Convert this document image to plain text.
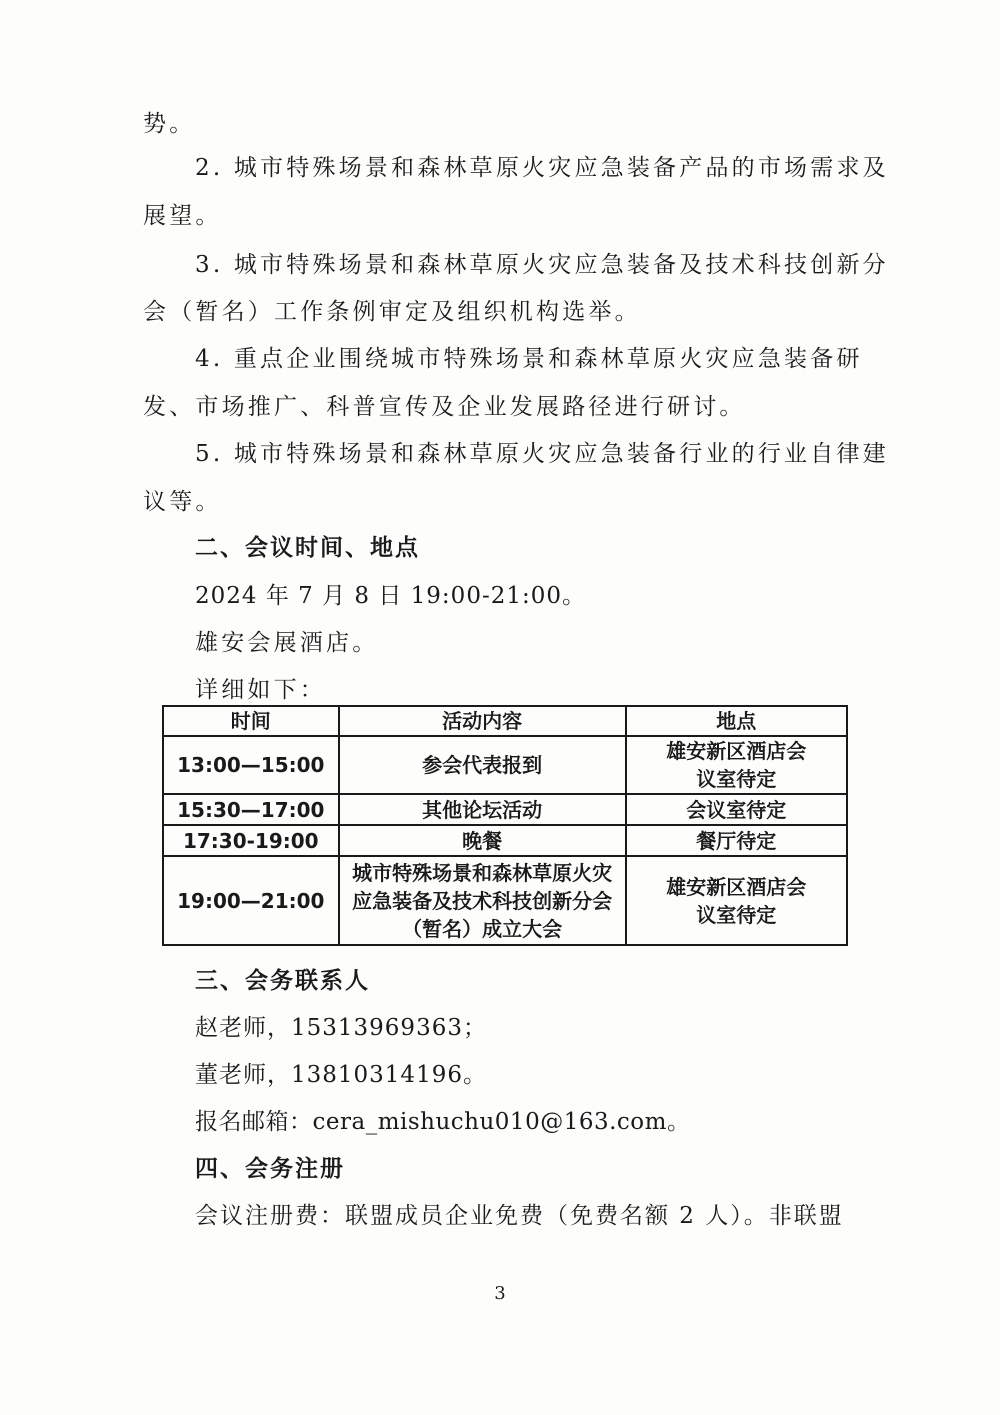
势。
2. 城市特殊场景和森林草原火灾应急装备产品的市场需求及
展望。
3. 城市特殊场景和森林草原火灾应急装备及技术科技创新分
会（暂名）工作条例审定及组织机构选举。
4. 重点企业围绕城市特殊场景和森林草原火灾应急装备研
发、市场推广、科普宣传及企业发展路径进行研讨。
5. 城市特殊场景和森林草原火灾应急装备行业的行业自律建
议等。
二、会议时间、地点
2024 年 7 月 8 日 19:00-21:00。
雄安会展酒店。
详细如下：
时间	活动内容	地点
13:00—15:00	参会代表报到	雄安新区酒店会议室待定
15:30—17:00	其他论坛活动	会议室待定
17:30-19:00	晚餐	餐厅待定
19:00—21:00	城市特殊场景和森林草原火灾应急装备及技术科技创新分会（暂名）成立大会	雄安新区酒店会议室待定
三、会务联系人
赵老师，15313969363；
董老师，13810314196。
报名邮箱：cera_mishuchu010@163.com。
四、会务注册
会议注册费：联盟成员企业免费（免费名额 2 人）。非联盟
3
